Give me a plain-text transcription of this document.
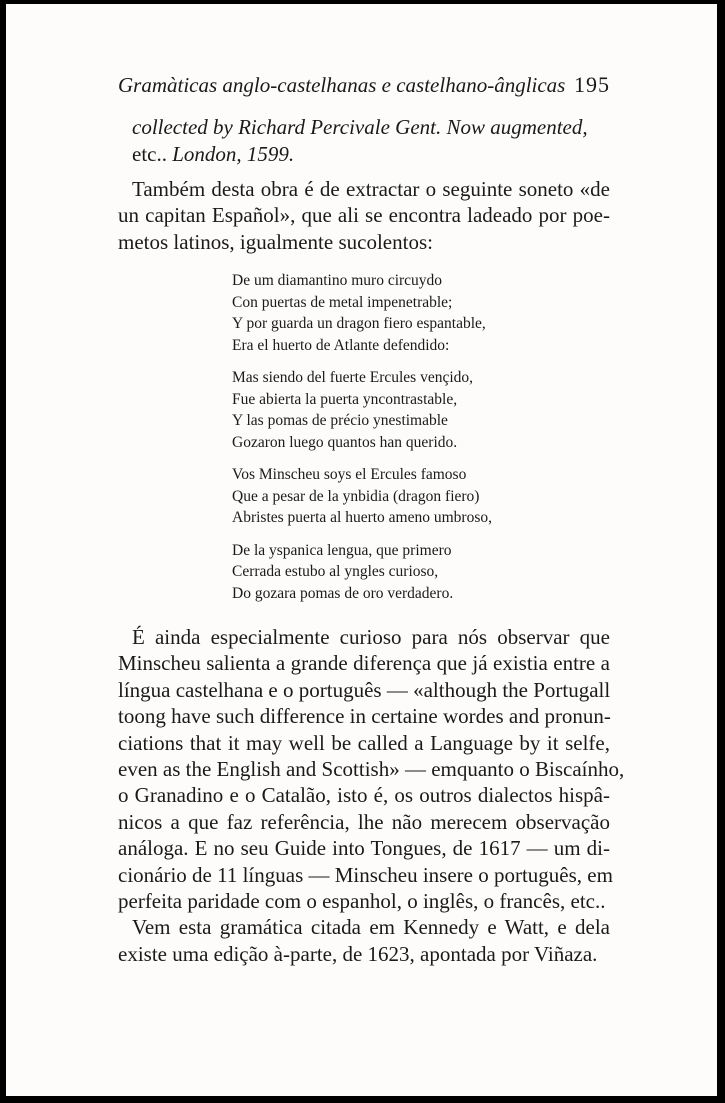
Gramàticas anglo-castelhanas e castelhano-ânglicas 195
collected by Richard Percivale Gent. Now augmented,
etc.. London, 1599.
Também desta obra é de extractar o seguinte soneto «de
un capitan Español», que ali se encontra ladeado por poe-
metos latinos, igualmente sucolentos:
De um diamantino muro circuydo
Con puertas de metal impenetrable;
Y por guarda un dragon fiero espantable,
Era el huerto de Atlante defendido:
Mas siendo del fuerte Ercules vençido,
Fue abierta la puerta yncontrastable,
Y las pomas de précio ynestimable
Gozaron luego quantos han querido.
Vos Minscheu soys el Ercules famoso
Que a pesar de la ynbidia (dragon fiero)
Abristes puerta al huerto ameno umbroso,
De la yspanica lengua, que primero
Cerrada estubo al yngles curioso,
Do gozara pomas de oro verdadero.
É ainda especialmente curioso para nós observar que
Minscheu salienta a grande diferença que já existia entre a
língua castelhana e o português — «although the Portugall
toong have such difference in certaine wordes and pronun-
ciations that it may well be called a Language by it selfe,
even as the English and Scottish» — emquanto o Biscaínho,
o Granadino e o Catalão, isto é, os outros dialectos hispâ-
nicos a que faz referência, lhe não merecem observação
análoga. E no seu Guide into Tongues, de 1617 — um di-
cionário de 11 línguas — Minscheu insere o português, em
perfeita paridade com o espanhol, o inglês, o francês, etc..
Vem esta gramática citada em Kennedy e Watt, e dela
existe uma edição à-parte, de 1623, apontada por Viñaza.
